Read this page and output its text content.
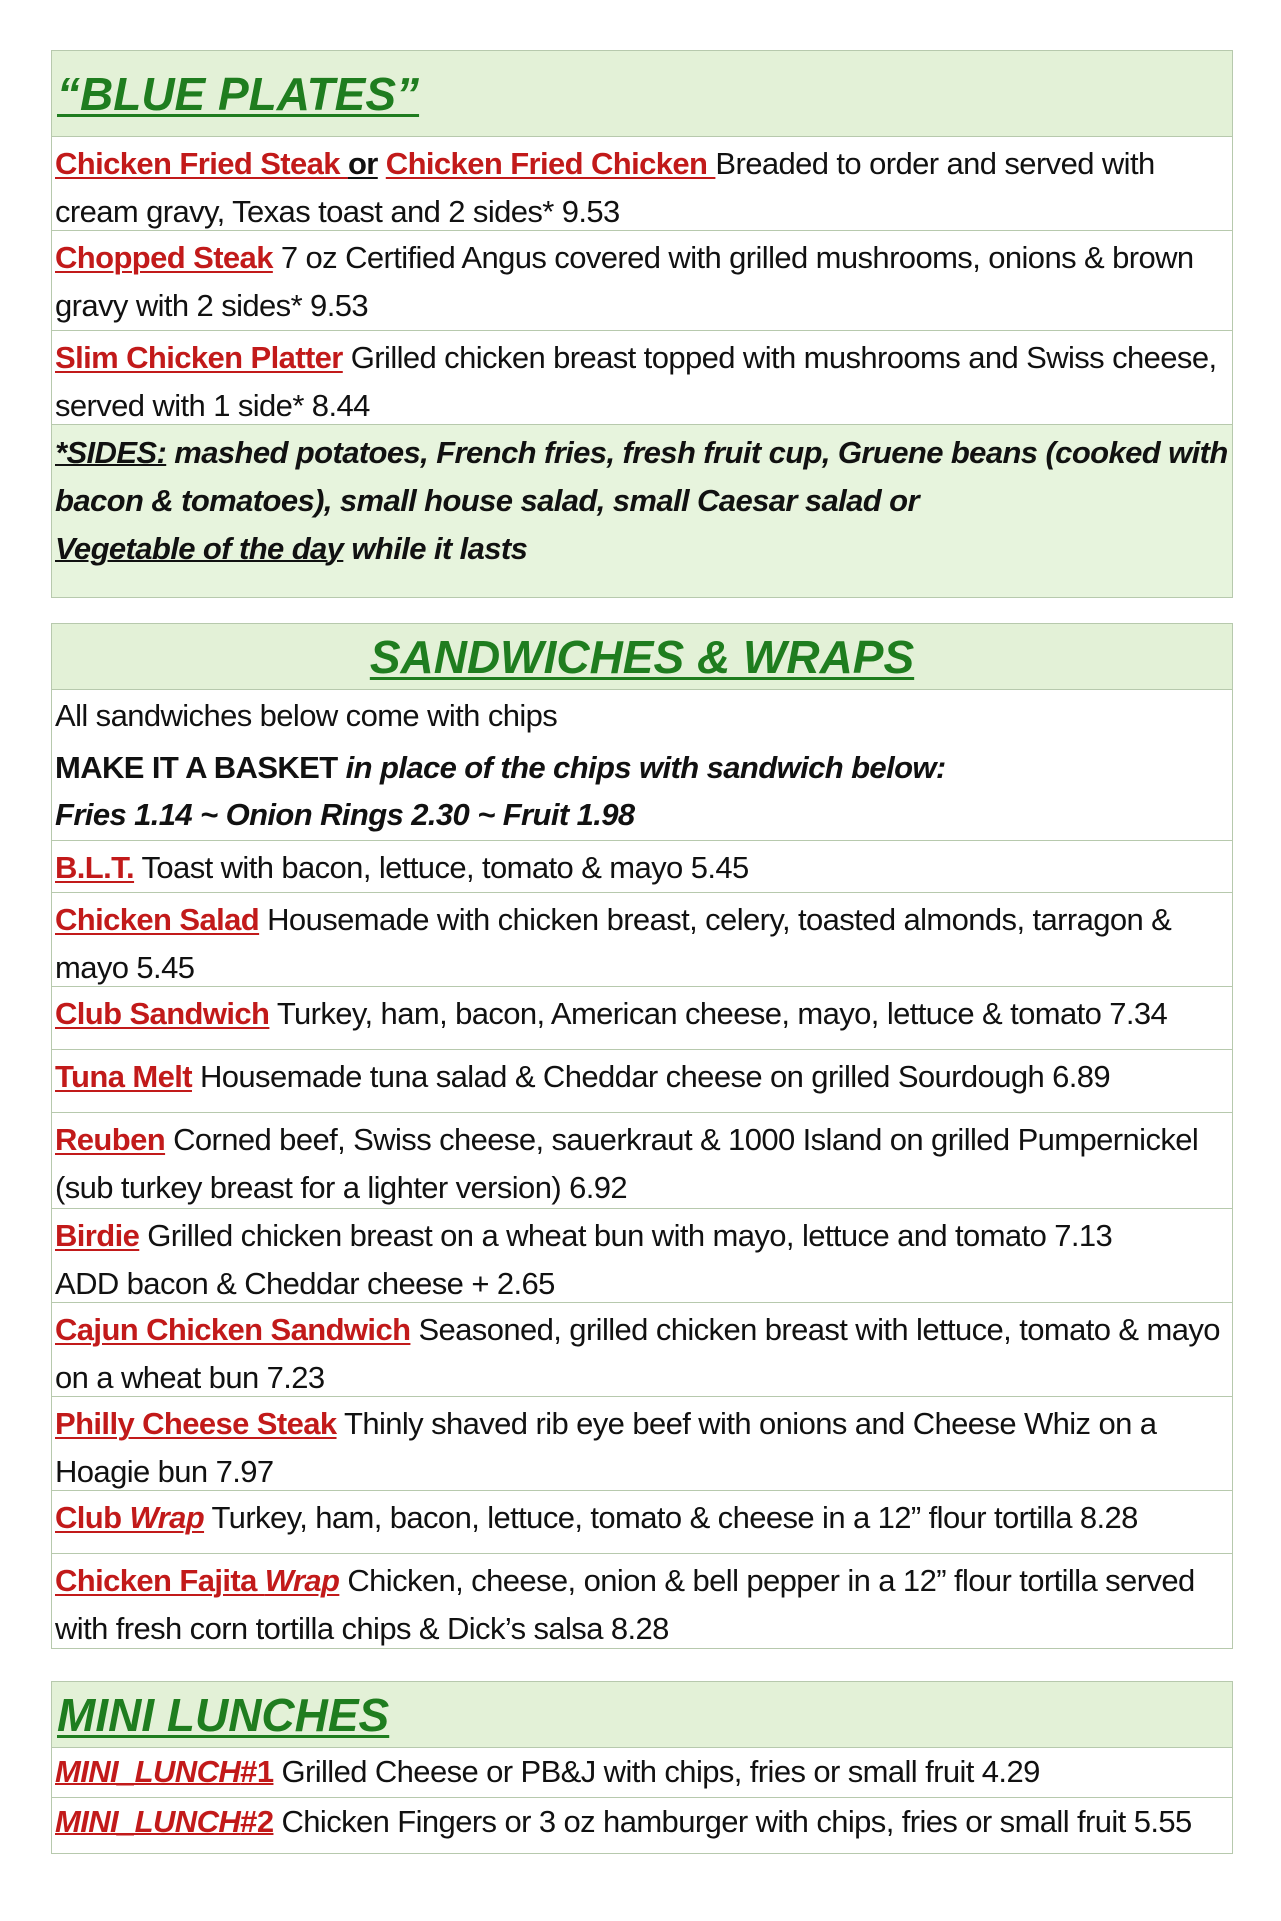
“BLUE PLATES”
Chicken Fried Steak or Chicken Fried Chicken Breaded to order and served with cream gravy, Texas toast and 2 sides* 9.53
Chopped Steak 7 oz Certified Angus covered with grilled mushrooms, onions & brown gravy with 2 sides* 9.53
Slim Chicken Platter Grilled chicken breast topped with mushrooms and Swiss cheese, served with 1 side* 8.44
*SIDES: mashed potatoes, French fries, fresh fruit cup, Gruene beans (cooked with bacon & tomatoes), small house salad, small Caesar salad or
Vegetable of the day while it lasts
SANDWICHES & WRAPS
All sandwiches below come with chips
MAKE IT A BASKET in place of the chips with sandwich below:
Fries 1.14 ~ Onion Rings 2.30 ~ Fruit 1.98
B.L.T. Toast with bacon, lettuce, tomato & mayo 5.45
Chicken Salad Housemade with chicken breast, celery, toasted almonds, tarragon & mayo 5.45
Club Sandwich Turkey, ham, bacon, American cheese, mayo, lettuce & tomato 7.34
Tuna Melt Housemade tuna salad & Cheddar cheese on grilled Sourdough 6.89
Reuben Corned beef, Swiss cheese, sauerkraut & 1000 Island on grilled Pumpernickel (sub turkey breast for a lighter version) 6.92
Birdie Grilled chicken breast on a wheat bun with mayo, lettuce and tomato 7.13
ADD bacon & Cheddar cheese + 2.65
Cajun Chicken Sandwich Seasoned, grilled chicken breast with lettuce, tomato & mayo on a wheat bun 7.23
Philly Cheese Steak Thinly shaved rib eye beef with onions and Cheese Whiz on a Hoagie bun 7.97
Club Wrap Turkey, ham, bacon, lettuce, tomato & cheese in a 12” flour tortilla 8.28
Chicken Fajita Wrap Chicken, cheese, onion & bell pepper in a 12” flour tortilla served with fresh corn tortilla chips & Dick’s salsa 8.28
MINI LUNCHES
MINI_LUNCH#1 Grilled Cheese or PB&J with chips, fries or small fruit 4.29
MINI_LUNCH#2 Chicken Fingers or 3 oz hamburger with chips, fries or small fruit 5.55
